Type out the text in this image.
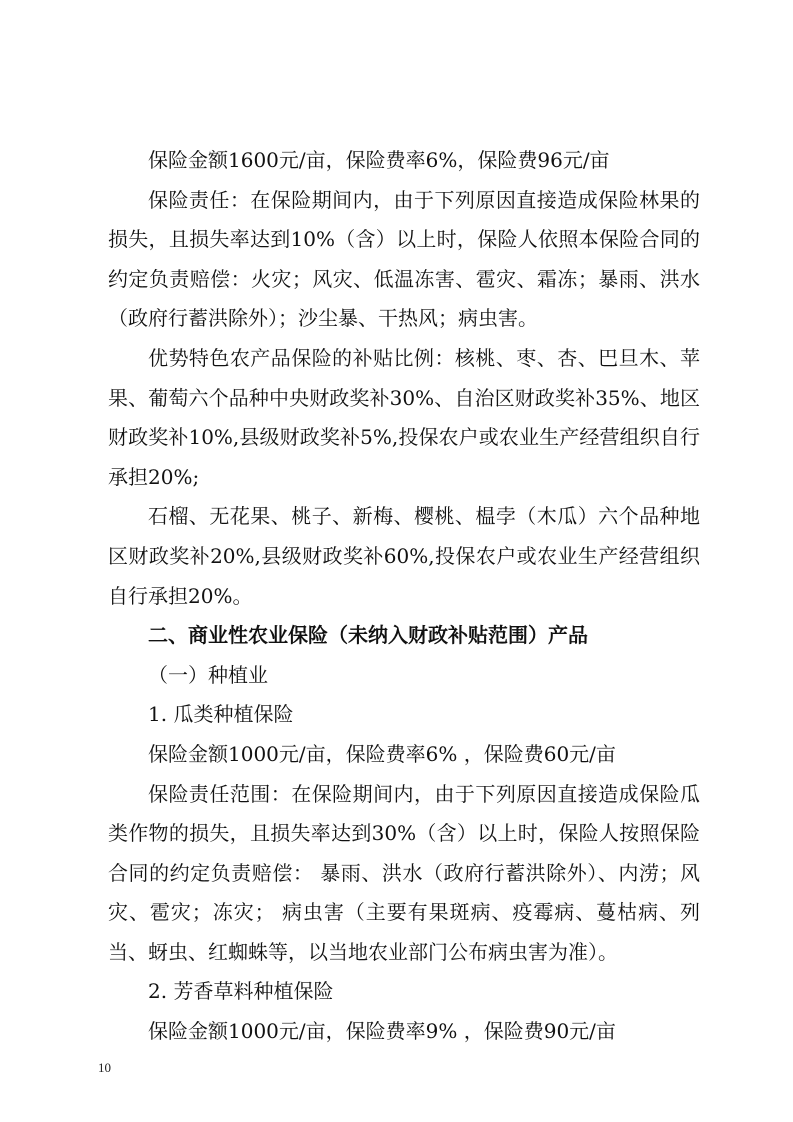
保险金额1600元/亩，保险费率6%，保险费96元/亩

保险责任：在保险期间内，由于下列原因直接造成保险林果的损失，且损失率达到10%（含）以上时，保险人依照本保险合同的约定负责赔偿：火灾；风灾、低温冻害、雹灾、霜冻；暴雨、洪水（政府行蓄洪除外）；沙尘暴、干热风；病虫害。

优势特色农产品保险的补贴比例：核桃、枣、杏、巴旦木、苹果、葡萄六个品种中央财政奖补30%、自治区财政奖补35%、地区财政奖补10%,县级财政奖补5%,投保农户或农业生产经营组织自行承担20%;

石榴、无花果、桃子、新梅、樱桃、榅孛（木瓜）六个品种地区财政奖补20%,县级财政奖补60%,投保农户或农业生产经营组织自行承担20%。

二、商业性农业保险（未纳入财政补贴范围）产品

（一）种植业

1. 瓜类种植保险

保险金额1000元/亩，保险费率6% ，保险费60元/亩

保险责任范围：在保险期间内，由于下列原因直接造成保险瓜类作物的损失，且损失率达到30%（含）以上时，保险人按照保险合同的约定负责赔偿： 暴雨、洪水（政府行蓄洪除外）、内涝；风灾、雹灾；冻灾； 病虫害（主要有果斑病、疫霉病、蔓枯病、列当、蚜虫、红蜘蛛等，以当地农业部门公布病虫害为准）。

2. 芳香草料种植保险

保险金额1000元/亩，保险费率9% ，保险费90元/亩

10
